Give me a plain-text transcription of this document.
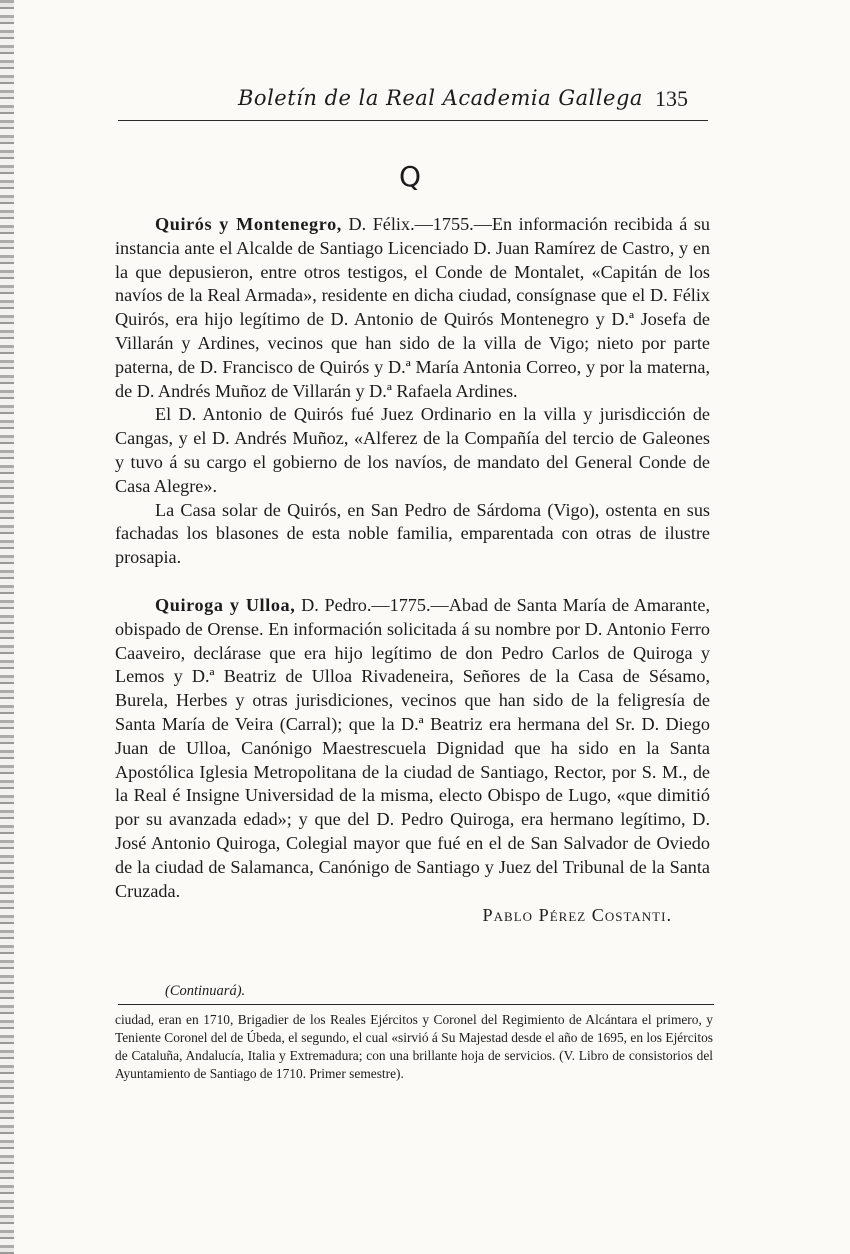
Boletín de la Real Academia Gallega 135
Q

Quirós y Montenegro, D. Félix.—1755.—En información recibida á su instancia ante el Alcalde de Santiago Licenciado D. Juan Ramírez de Castro, y en la que depusieron, entre otros testigos, el Conde de Montalet, «Capitán de los navíos de la Real Armada», residente en dicha ciudad, consígnase que el D. Félix Quirós, era hijo legítimo de D. Antonio de Quirós Montenegro y D.ª Josefa de Villarán y Ardines, vecinos que han sido de la villa de Vigo; nieto por parte paterna, de D. Francisco de Quirós y D.ª María Antonia Correo, y por la materna, de D. Andrés Muñoz de Villarán y D.ª Rafaela Ardines.

El D. Antonio de Quirós fué Juez Ordinario en la villa y jurisdicción de Cangas, y el D. Andrés Muñoz, «Alferez de la Compañía del tercio de Galeones y tuvo á su cargo el gobierno de los navíos, de mandato del General Conde de Casa Alegre».

La Casa solar de Quirós, en San Pedro de Sárdoma (Vigo), ostenta en sus fachadas los blasones de esta noble familia, emparentada con otras de ilustre prosapia.

Quiroga y Ulloa, D. Pedro.—1775.—Abad de Santa María de Amarante, obispado de Orense. En información solicitada á su nombre por D. Antonio Ferro Caaveiro, declárase que era hijo legítimo de don Pedro Carlos de Quiroga y Lemos y D.ª Beatriz de Ulloa Rivadeneira, Señores de la Casa de Sésamo, Burela, Herbes y otras jurisdiciones, vecinos que han sido de la feligresía de Santa María de Veira (Carral); que la D.ª Beatriz era hermana del Sr. D. Diego Juan de Ulloa, Canónigo Maestrescuela Dignidad que ha sido en la Santa Apostólica Iglesia Metropolitana de la ciudad de Santiago, Rector, por S. M., de la Real é Insigne Universidad de la misma, electo Obispo de Lugo, «que dimitió por su avanzada edad»; y que del D. Pedro Quiroga, era hermano legítimo, D. José Antonio Quiroga, Colegial mayor que fué en el de San Salvador de Oviedo de la ciudad de Salamanca, Canónigo de Santiago y Juez del Tribunal de la Santa Cruzada.

Pablo Pérez Costanti.
(Continuará).

ciudad, eran en 1710, Brigadier de los Reales Ejércitos y Coronel del Regimiento de Alcántara el primero, y Teniente Coronel del de Úbeda, el segundo, el cual «sirvió á Su Majestad desde el año de 1695, en los Ejércitos de Cataluña, Andalucía, Italia y Extremadura; con una brillante hoja de servicios. (V. Libro de consistorios del Ayuntamiento de Santiago de 1710. Primer semestre).
